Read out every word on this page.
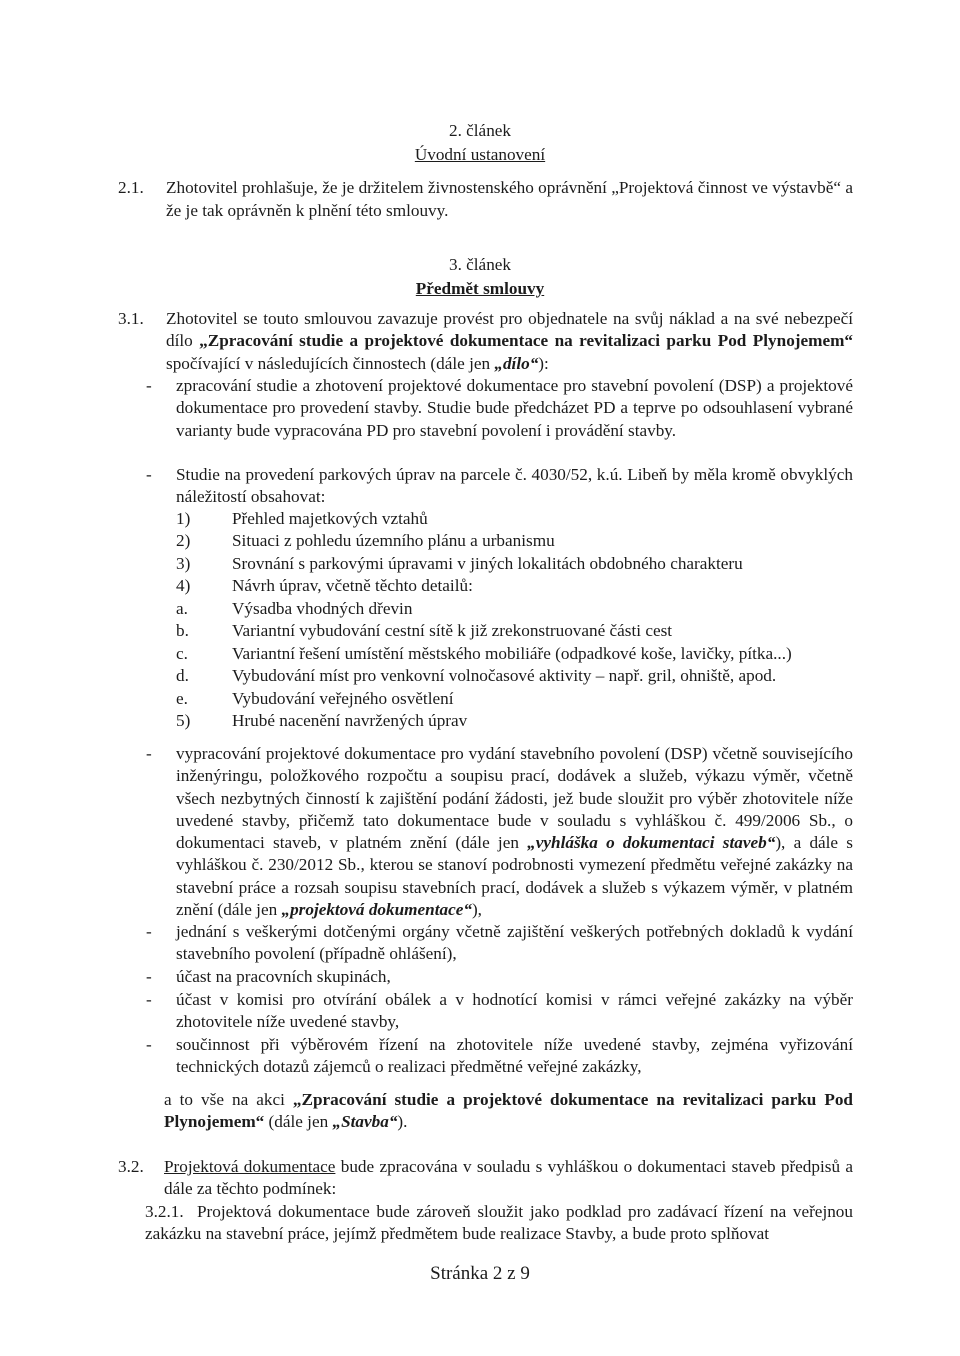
2. článek

Úvodní ustanovení

2.1. Zhotovitel prohlašuje, že je držitelem živnostenského oprávnění „Projektová činnost ve výstavbě“ a že je tak oprávněn k plnění této smlouvy.

3. článek

Předmět smlouvy

3.1. Zhotovitel se touto smlouvou zavazuje provést pro objednatele na svůj náklad a na své nebezpečí dílo „Zpracování studie a projektové dokumentace na revitalizaci parku Pod Plynojemem“ spočívající v následujících činnostech (dále jen „dílo“):

- zpracování studie a zhotovení projektové dokumentace pro stavební povolení (DSP) a projektové dokumentace pro provedení stavby. Studie bude předcházet PD a teprve po odsouhlasení vybrané varianty bude vypracována PD pro stavební povolení i provádění stavby.

- Studie na provedení parkových úprav na parcele č. 4030/52, k.ú. Libeň by měla kromě obvyklých náležitostí obsahovat:

1) Přehled majetkových vztahů
2) Situaci z pohledu územního plánu a urbanismu
3) Srovnání s parkovými úpravami v jiných lokalitách obdobného charakteru
4) Návrh úprav, včetně těchto detailů:
a.	Výsadba vhodných dřevin
b.	Variantní vybudování cestní sítě k již zrekonstruované části cest
c.	Variantní řešení umístění městského mobiliáře (odpadkové koše, lavičky, pítka...)
d.	Vybudování míst pro venkovní volnočasové aktivity – např. gril, ohniště, apod.
e.	Vybudování veřejného osvětlení
5) Hrubé nacenění navržených úprav
- vypracování projektové dokumentace pro vydání stavebního povolení (DSP) včetně souvisejícího inženýringu, položkového rozpočtu a soupisu prací, dodávek a služeb, výkazu výměr, včetně všech nezbytných činností k zajištění podání žádosti, jež bude sloužit pro výběr zhotovitele níže uvedené stavby, přičemž tato dokumentace bude v souladu s vyhláškou č. 499/2006 Sb., o dokumentaci staveb, v platném znění (dále jen „vyhláška o dokumentaci staveb“), a dále s vyhláškou č. 230/2012 Sb., kterou se stanoví podrobnosti vymezení předmětu veřejné zakázky na stavební práce a rozsah soupisu stavebních prací, dodávek a služeb s výkazem výměr, v platném znění (dále jen „projektová dokumentace“),

- jednání s veškerými dotčenými orgány včetně zajištění veškerých potřebných dokladů k vydání stavebního povolení (případně ohlášení),

- účast na pracovních skupinách,

- účast v komisi pro otvírání obálek a v hodnotící komisi v rámci veřejné zakázky na výběr zhotovitele níže uvedené stavby,

- součinnost při výběrovém řízení na zhotovitele níže uvedené stavby, zejména vyřizování technických dotazů zájemců o realizaci předmětné veřejné zakázky,

a to vše na akci „Zpracování studie a projektové dokumentace na revitalizaci parku Pod Plynojemem“ (dále jen „Stavba“).

3.2. Projektová dokumentace bude zpracována v souladu s vyhláškou o dokumentaci staveb předpisů a dále za těchto podmínek:

3.2.1. Projektová dokumentace bude zároveň sloužit jako podklad pro zadávací řízení na veřejnou zakázku na stavební práce, jejímž předmětem bude realizace Stavby, a bude proto splňovat

Stránka 2 z 9
